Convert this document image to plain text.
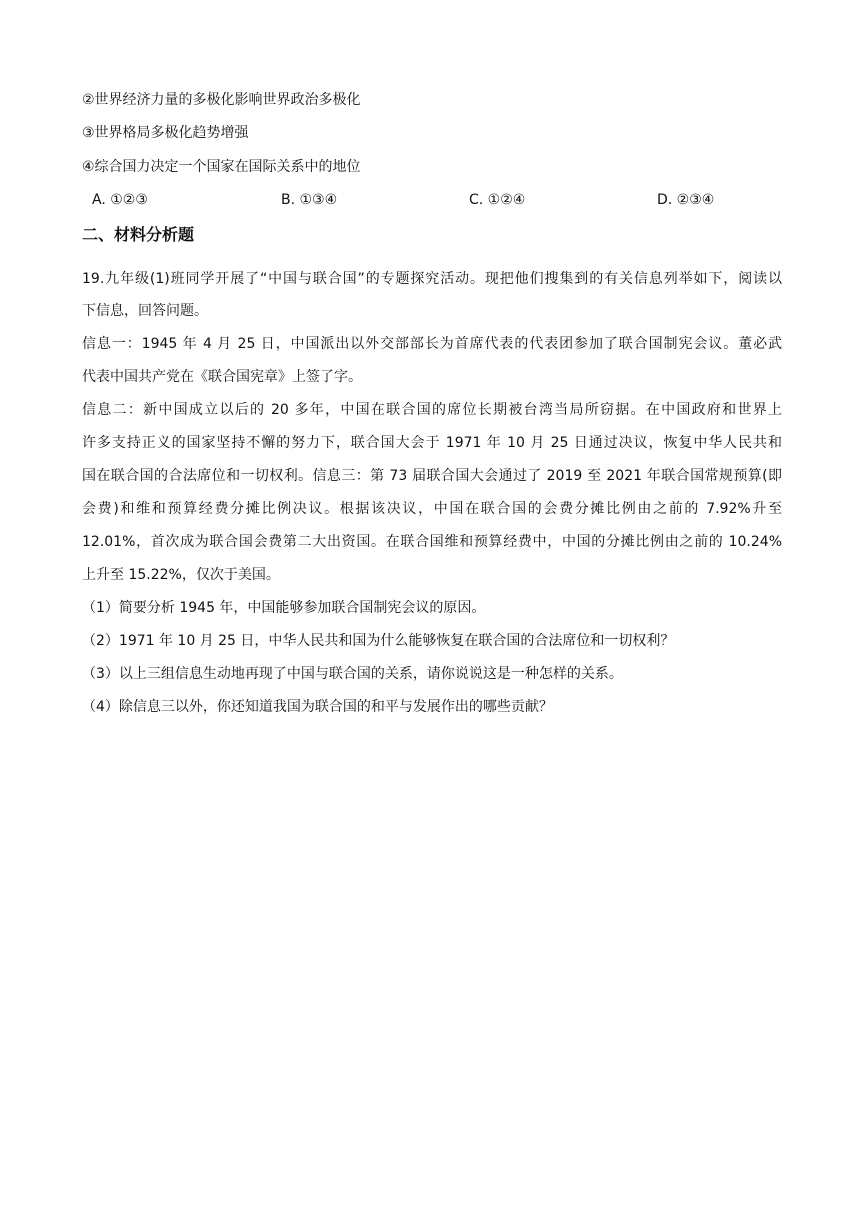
②世界经济力量的多极化影响世界政治多极化
③世界格局多极化趋势增强
④综合国力决定一个国家在国际关系中的地位
A. ①②③	B. ①③④	C. ①②④	D. ②③④
二、材料分析题
19.九年级(1)班同学开展了“中国与联合国”的专题探究活动。现把他们搜集到的有关信息列举如下，阅读以
下信息，回答问题。
信息一：1945 年 4 月 25 日，中国派出以外交部部长为首席代表的代表团参加了联合国制宪会议。董必武
代表中国共产党在《联合国宪章》上签了字。
信息二：新中国成立以后的 20 多年，中国在联合国的席位长期被台湾当局所窃据。在中国政府和世界上
许多支持正义的国家坚持不懈的努力下，联合国大会于 1971 年 10 月 25 日通过决议，恢复中华人民共和
国在联合国的合法席位和一切权利。信息三：第 73 届联合国大会通过了 2019 至 2021 年联合国常规预算(即
会费)和维和预算经费分摊比例决议。根据该决议，中国在联合国的会费分摊比例由之前的 7.92%升至
12.01%，首次成为联合国会费第二大出资国。在联合国维和预算经费中，中国的分摊比例由之前的 10.24%
上升至 15.22%，仅次于美国。
（1）简要分析 1945 年，中国能够参加联合国制宪会议的原因。
（2）1971 年 10 月 25 日，中华人民共和国为什么能够恢复在联合国的合法席位和一切权利？
（3）以上三组信息生动地再现了中国与联合国的关系，请你说说这是一种怎样的关系。
（4）除信息三以外，你还知道我国为联合国的和平与发展作出的哪些贡献？
